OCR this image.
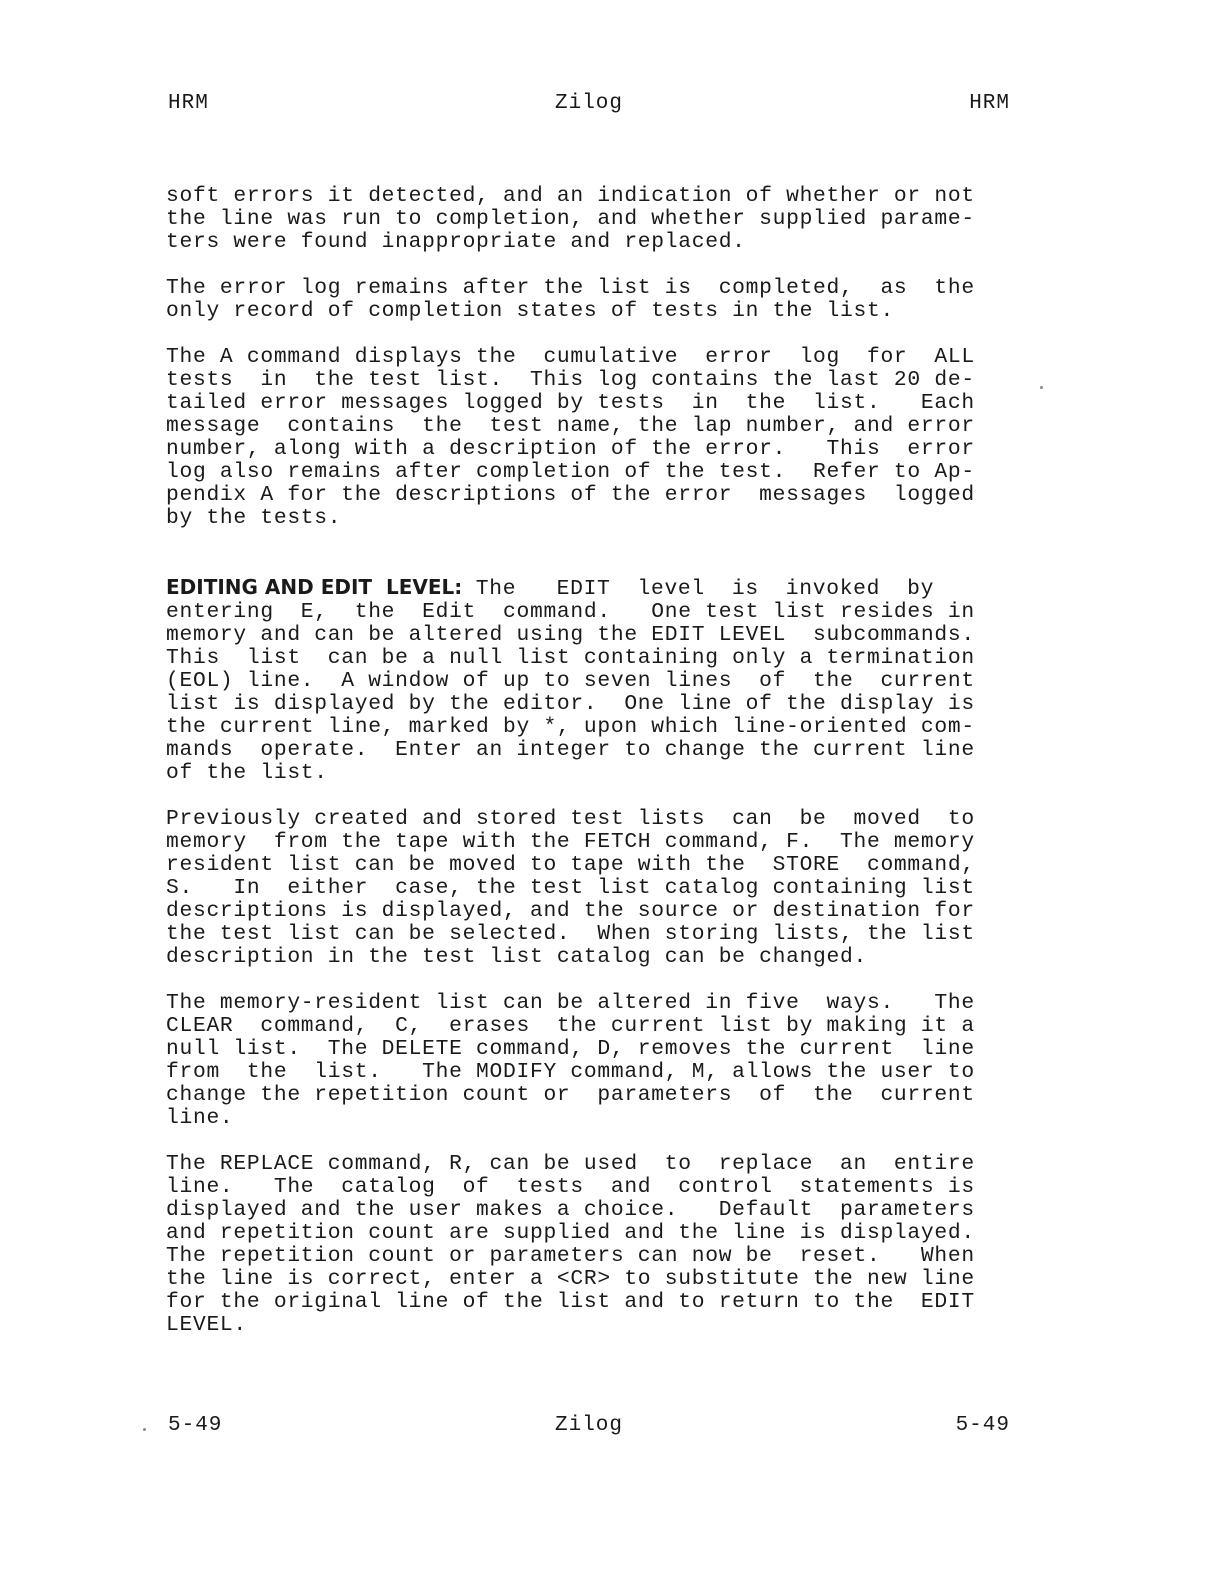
HRM	Zilog	HRM

soft errors it detected, and an indication of whether or not
the line was run to completion, and whether supplied parame-
ters were found inappropriate and replaced.

The error log remains after the list is  completed,  as  the
only record of completion states of tests in the list.

The A command displays the  cumulative  error  log  for  ALL
tests  in  the test list.  This log contains the last 20 de-
tailed error messages logged by tests  in  the  list.   Each
message  contains  the  test name, the lap number, and error
number, along with a description of the error.   This  error
log also remains after completion of the test.  Refer to Ap-
pendix A for the descriptions of the error  messages  logged
by the tests.

EDITING AND EDIT  LEVEL: The   EDIT  level  is  invoked  by

entering  E,  the  Edit  command.   One test list resides in
memory and can be altered using the EDIT LEVEL  subcommands.
This  list  can be a null list containing only a termination
(EOL) line.  A window of up to seven lines  of  the  current
list is displayed by the editor.  One line of the display is
the current line, marked by *, upon which line-oriented com-
mands  operate.  Enter an integer to change the current line
of the list.

Previously created and stored test lists  can  be  moved  to
memory  from the tape with the FETCH command, F.  The memory
resident list can be moved to tape with the  STORE  command,
S.   In  either  case, the test list catalog containing list
descriptions is displayed, and the source or destination for
the test list can be selected.  When storing lists, the list
description in the test list catalog can be changed.

The memory-resident list can be altered in five  ways.   The
CLEAR  command,  C,  erases  the current list by making it a
null list.  The DELETE command, D, removes the current  line
from  the  list.   The MODIFY command, M, allows the user to
change the repetition count or  parameters  of  the  current
line.

The REPLACE command, R, can be used  to  replace  an  entire
line.   The  catalog  of  tests  and  control  statements is
displayed and the user makes a choice.   Default  parameters
and repetition count are supplied and the line is displayed.
The repetition count or parameters can now be  reset.   When
the line is correct, enter a <CR> to substitute the new line
for the original line of the list and to return to the  EDIT
LEVEL.

5-49	Zilog	5-49
